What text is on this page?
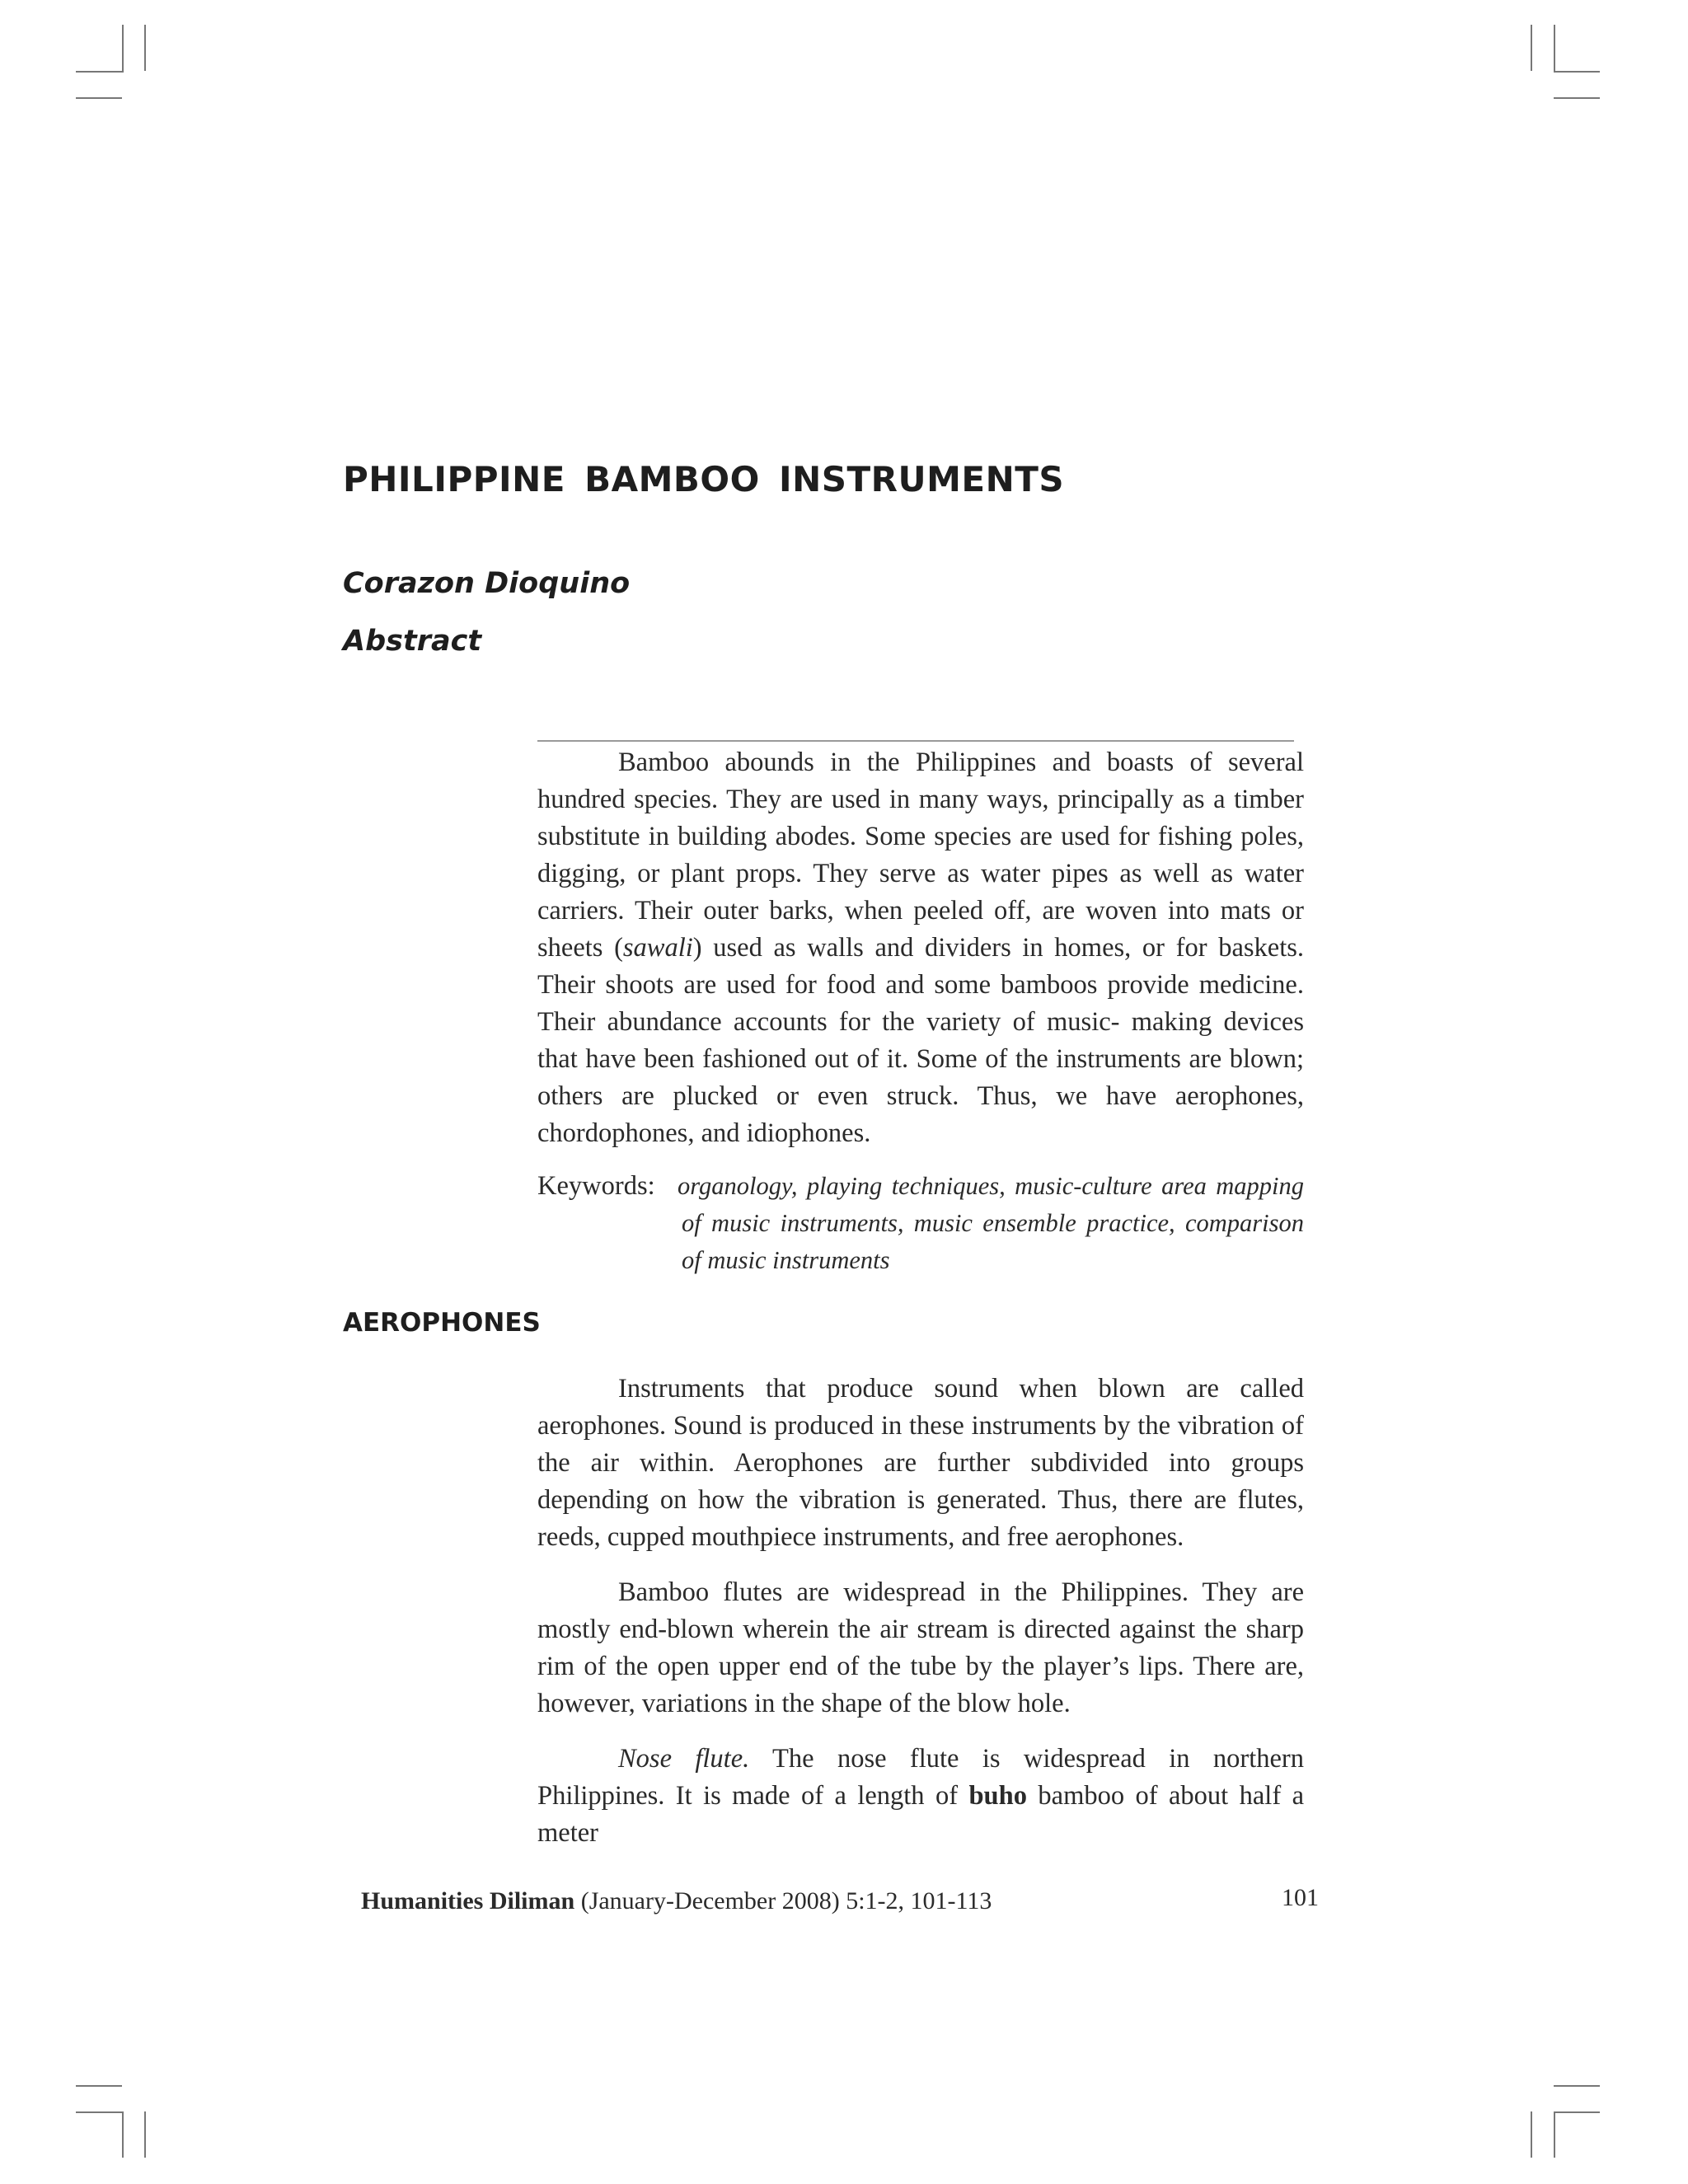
PHILIPPINE BAMBOO INSTRUMENTS
Corazon Dioquino
Abstract

Bamboo abounds in the Philippines and boasts of several hundred species. They are used in many ways, principally as a timber substitute in building abodes. Some species are used for fishing poles, digging, or plant props. They serve as water pipes as well as water carriers. Their outer barks, when peeled off, are woven into mats or sheets (sawali) used as walls and dividers in homes, or for baskets. Their shoots are used for food and some bamboos provide medicine. Their abundance accounts for the variety of music- making devices that have been fashioned out of it. Some of the instruments are blown; others are plucked or even struck. Thus, we have aerophones, chordophones, and idiophones.

Keywords: organology, playing techniques, music-culture area mapping of music instruments, music ensemble practice, comparison of music instruments
AEROPHONES

Instruments that produce sound when blown are called aerophones. Sound is produced in these instruments by the vibration of the air within. Aerophones are further subdivided into groups depending on how the vibration is generated. Thus, there are flutes, reeds, cupped mouthpiece instruments, and free aerophones.

Bamboo flutes are widespread in the Philippines. They are mostly end-blown wherein the air stream is directed against the sharp rim of the open upper end of the tube by the player’s lips. There are, however, variations in the shape of the blow hole.

Nose flute. The nose flute is widespread in northern Philippines. It is made of a length of buho bamboo of about half a meter

Humanities Diliman (January-December 2008) 5:1-2, 101-113	101
